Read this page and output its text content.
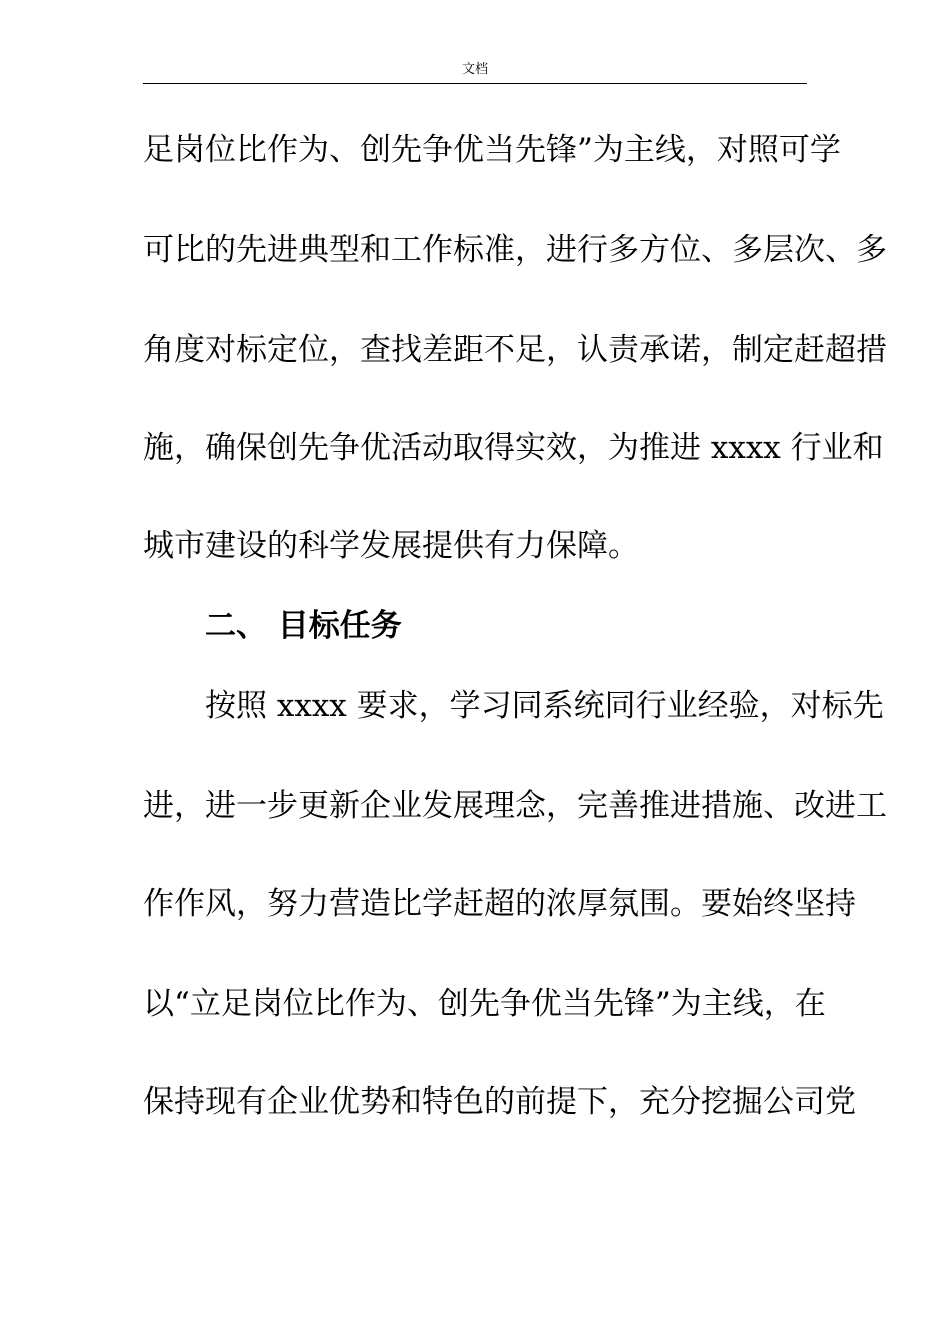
文档
足岗位比作为、创先争优当先锋”为主线，对照可学
可比的先进典型和工作标准，进行多方位、多层次、多
角度对标定位，查找差距不足，认责承诺，制定赶超措
施，确保创先争优活动取得实效，为推进 xxxx 行业和
城市建设的科学发展提供有力保障。
按照 xxxx 要求，学习同系统同行业经验，对标先
进，进一步更新企业发展理念，完善推进措施、改进工
作作风，努力营造比学赶超的浓厚氛围。要始终坚持
以“立足岗位比作为、创先争优当先锋”为主线，在
保持现有企业优势和特色的前提下，充分挖掘公司党
二、 目标任务
